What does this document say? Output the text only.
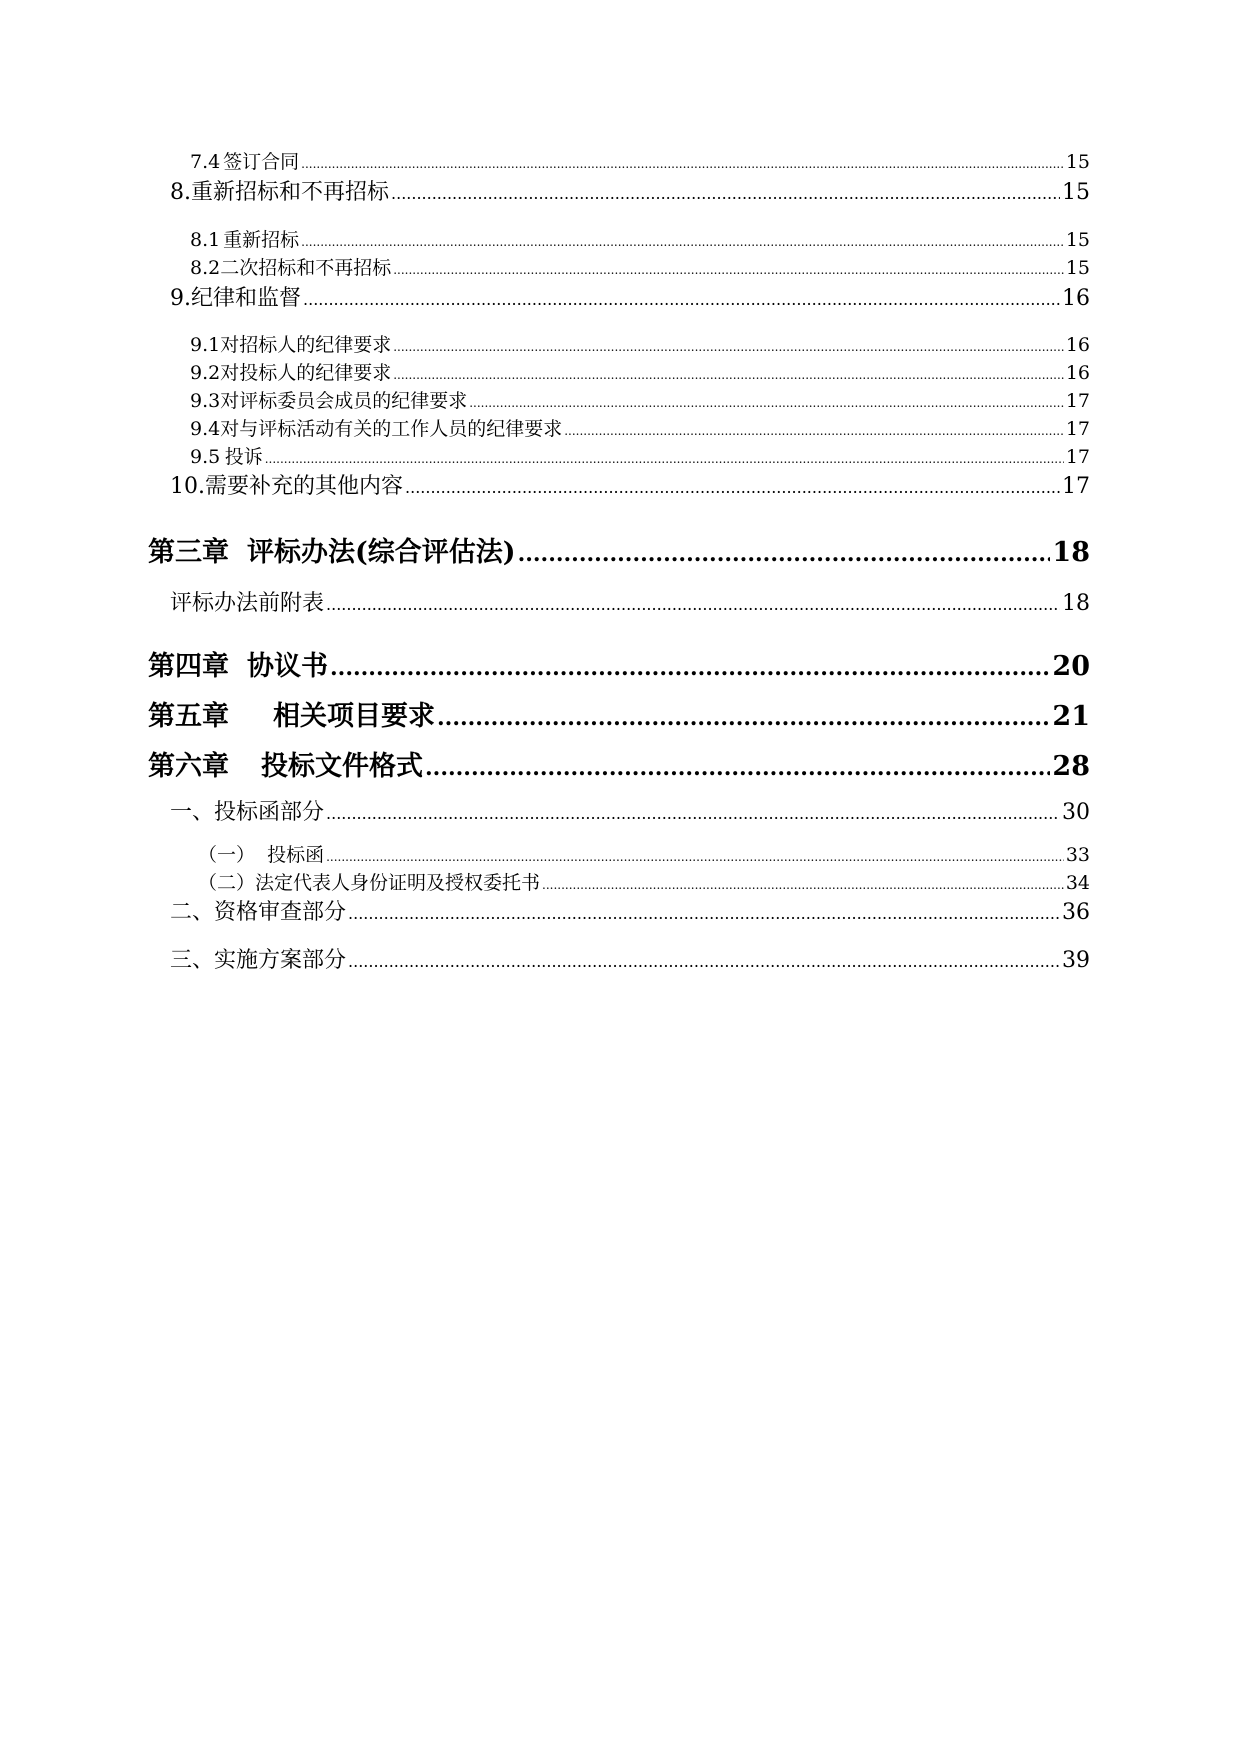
7.4 签订合同 .....	15
8. 重新招标和不再招标 .....	15
8.1 重新招标 .....	15
8.2 二次招标和不再招标 .....	15
9. 纪律和监督 .....	16
9.1 对招标人的纪律要求 .....	16
9.2 对投标人的纪律要求 .....	16
9.3 对评标委员会成员的纪律要求 .....	17
9.4 对与评标活动有关的工作人员的纪律要求 .....	17
9.5 投诉 .....	17
10. 需要补充的其他内容 .....	17
第三章 评标办法(综合评估法) .....	18
评标办法前附表 .....	18
第四章 协议书 .....	20
第五章 相关项目要求 .....	21
第六章 投标文件格式 .....	28
一、投标函部分 .....	30
（一）  投标函 .....	33
（二）法定代表人身份证明及授权委托书 .....	34
二、资格审查部分 .....	36
三、实施方案部分 .....	39
